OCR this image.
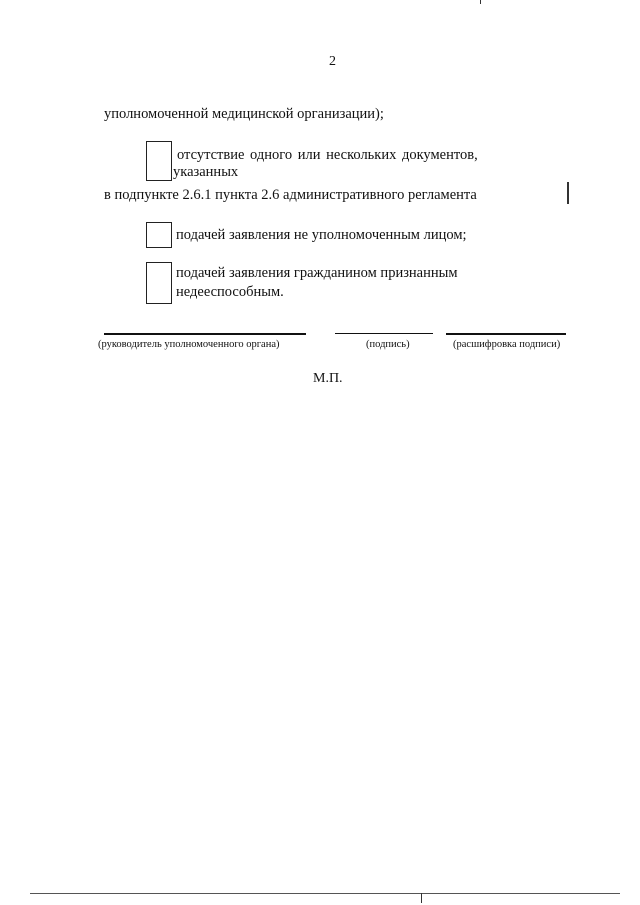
2
уполномоченной медицинской организации);
отсутствие одного или нескольких документов,
указанных
в подпункте 2.6.1 пункта 2.6 административного регламента
подачей заявления не уполномоченным лицом;
подачей заявления гражданином признанным
недееспособным.
(руководитель уполномоченного органа)	(подпись)	(расшифровка подписи)
М.П.
